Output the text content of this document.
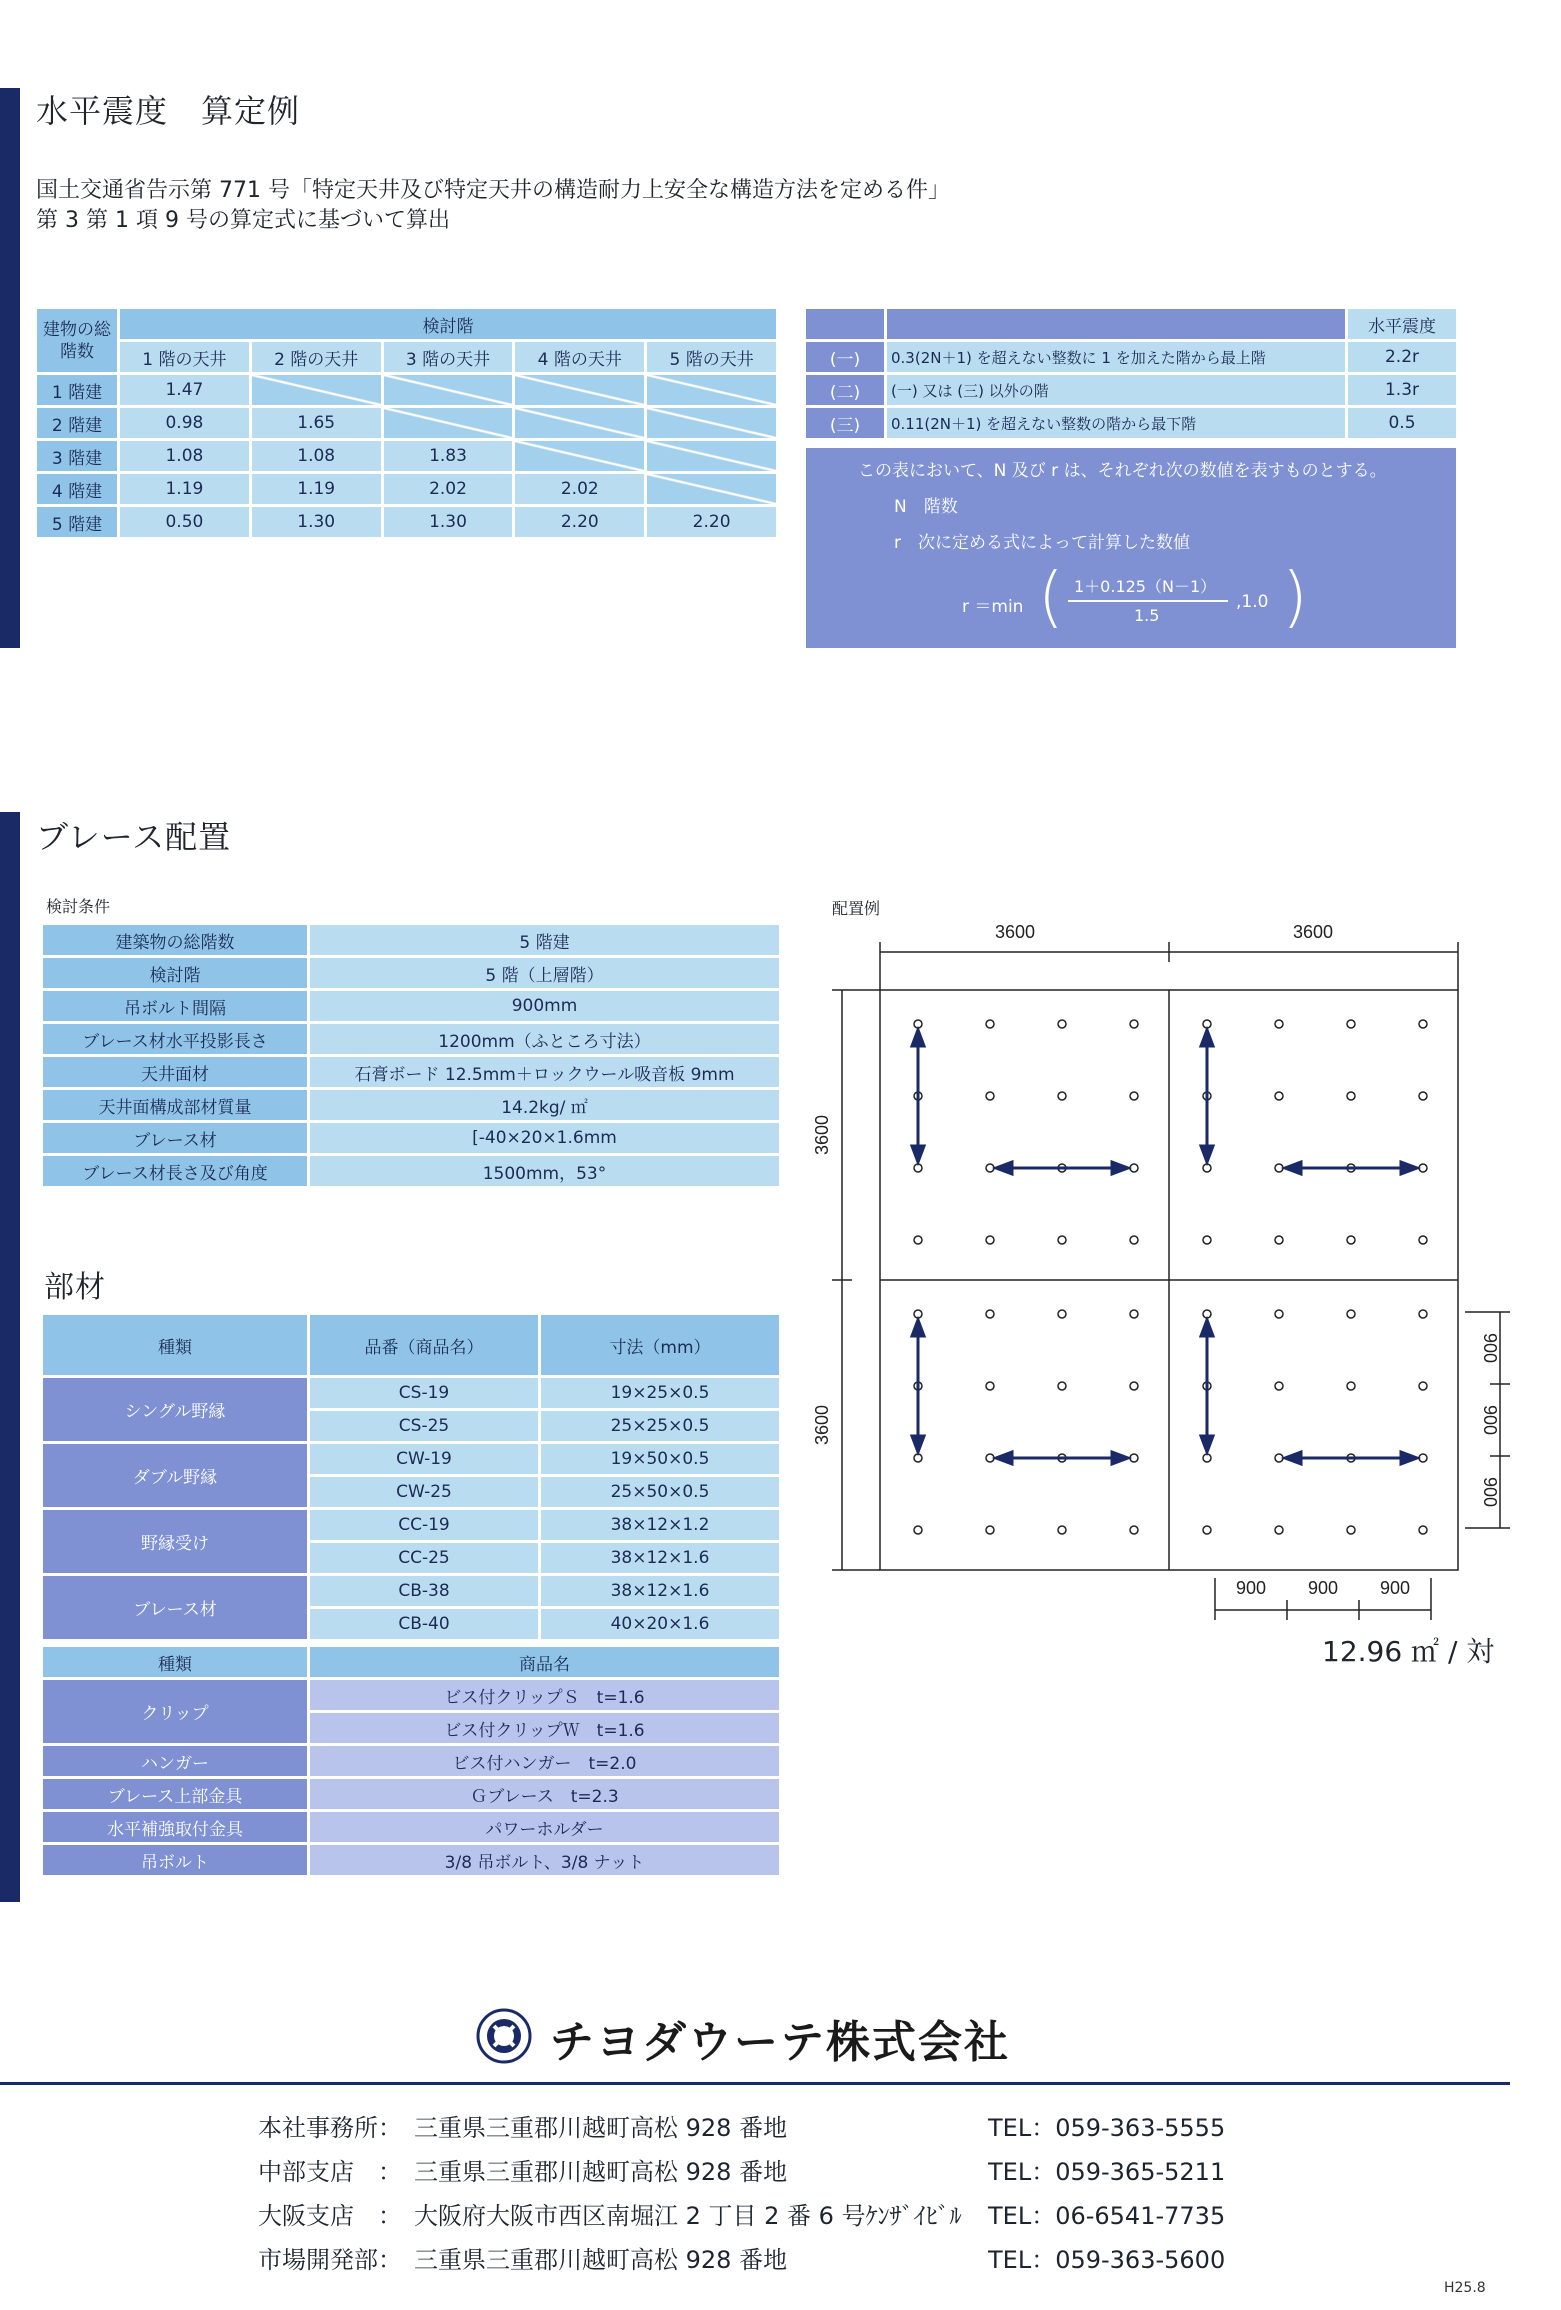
水平震度　算定例
国土交通省告示第 771 号「特定天井及び特定天井の構造耐力上安全な構造方法を定める件」
第 3 第 1 項 9 号の算定式に基づいて算出
建物の総階数	検討階				
	1 階の天井	2 階の天井	3 階の天井	4 階の天井	5 階の天井
1 階建	1.47				
2 階建	0.98	1.65			
3 階建	1.08	1.08	1.83		
4 階建	1.19	1.19	2.02	2.02	
5 階建	0.50	1.30	1.30	2.20	2.20
		水平震度
(一)	0.3(2N＋1) を超えない整数に 1 を加えた階から最上階	2.2r
(二)	(一) 又は (三) 以外の階	1.3r
(三)	0.11(2N＋1) を超えない整数の階から最下階	0.5
この表において、N 及び r は、それぞれ次の数値を表すものとする。
N　階数
r　次に定める式によって計算した数値
r ＝min ( 1＋0.125（N－1）
1.5
,1.0 )
ブレース配置
検討条件
建築物の総階数	5 階建
検討階	5 階（上層階）
吊ボルト間隔	900mm
ブレース材水平投影長さ	1200mm（ふところ寸法）
天井面材	石膏ボード 12.5mm＋ロックウール吸音板 9mm
天井面構成部材質量	14.2kg/ ㎡
ブレース材	[-40×20×1.6mm
ブレース材長さ及び角度	1500mm，53°
部材
種類	品番（商品名）	寸法（mm）
シングル野縁	CS-19	19×25×0.5
	CS-25	25×25×0.5
ダブル野縁	CW-19	19×50×0.5
	CW-25	25×50×0.5
野縁受け	CC-19	38×12×1.2
	CC-25	38×12×1.6
ブレース材	CB-38	38×12×1.6
	CB-40	40×20×1.6
種類	商品名
クリップ	ビス付クリップＳ　t=1.6
	ビス付クリップＷ　t=1.6
ハンガー	ビス付ハンガー　t=2.0
ブレース上部金具	Ｇブレース　t=2.3
水平補強取付金具	パワーホルダー
吊ボルト	3/8 吊ボルト、3/8 ナット
配置例
3600	3600
3600
3600
900
900
900
900 900 900
12.96 ㎡ / 対
チヨダウーテ株式会社
本社事務所： 三重県三重郡川越町高松 928 番地	TEL：059-363-5555
中部支店　： 三重県三重郡川越町高松 928 番地	TEL：059-365-5211
大阪支店　： 大阪府大阪市西区南堀江 2 丁目 2 番 6 号ｹﾝｻﾞｲﾋﾞﾙ TEL：06-6541-7735
市場開発部： 三重県三重郡川越町高松 928 番地	TEL：059-363-5600
H25.8
